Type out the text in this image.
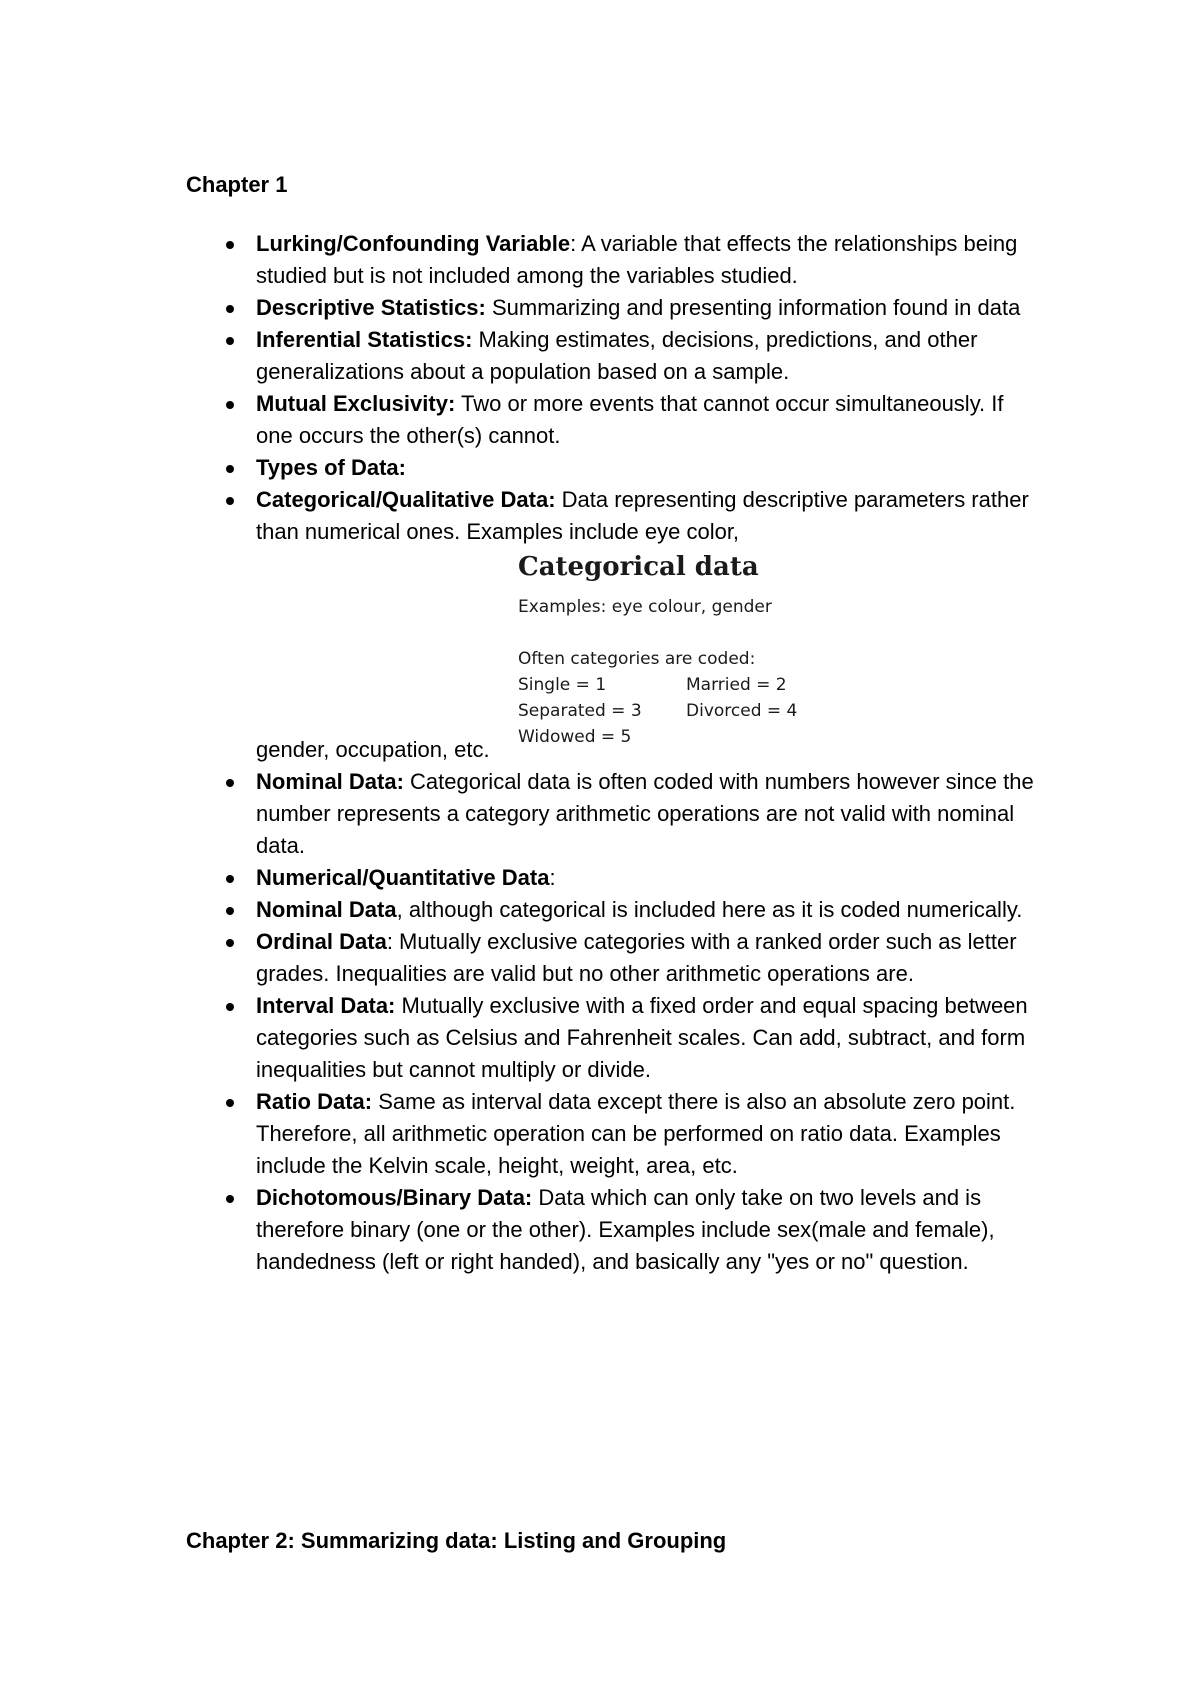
Chapter 1
Lurking/Confounding Variable: A variable that effects the relationships being studied but is not included among the variables studied.
Descriptive Statistics: Summarizing and presenting information found in data
Inferential Statistics: Making estimates, decisions, predictions, and other generalizations about a population based on a sample.
Mutual Exclusivity: Two or more events that cannot occur simultaneously. If one occurs the other(s) cannot.
Types of Data:
Categorical/Qualitative Data: Data representing descriptive parameters rather than numerical ones. Examples include eye color,
Categorical data
Examples: eye colour, gender
Often categories are coded:
Single = 1	Married = 2
Separated = 3	Divorced = 4
Widowed = 5
gender, occupation, etc.
Nominal Data: Categorical data is often coded with numbers however since the number represents a category arithmetic operations are not valid with nominal data.
Numerical/Quantitative Data:
Nominal Data, although categorical is included here as it is coded numerically.
Ordinal Data: Mutually exclusive categories with a ranked order such as letter grades. Inequalities are valid but no other arithmetic operations are.
Interval Data: Mutually exclusive with a fixed order and equal spacing between categories such as Celsius and Fahrenheit scales. Can add, subtract, and form inequalities but cannot multiply or divide.
Ratio Data: Same as interval data except there is also an absolute zero point. Therefore, all arithmetic operation can be performed on ratio data. Examples include the Kelvin scale, height, weight, area, etc.
Dichotomous/Binary Data: Data which can only take on two levels and is therefore binary (one or the other). Examples include sex(male and female), handedness (left or right handed), and basically any "yes or no" question.
Chapter 2: Summarizing data: Listing and Grouping
